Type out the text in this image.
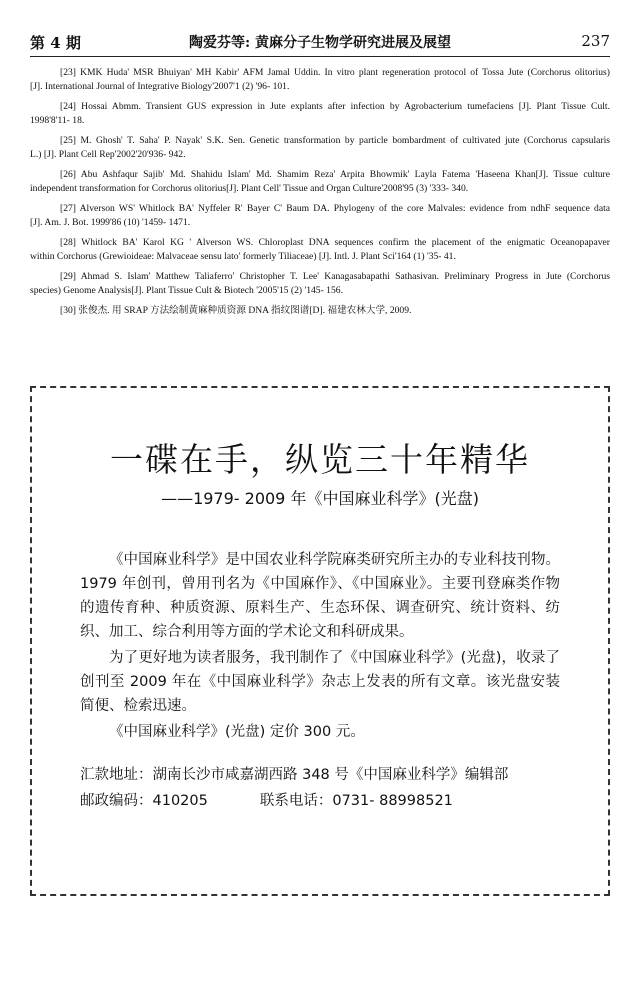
第 4 期	陶爱芬等: 黄麻分子生物学研究进展及展望	237
[23] KMK Huda' MSR Bhuiyan' MH Kabir' AFM Jamal Uddin. In vitro plant regeneration protocol of Tossa Jute (Corchorus olitorius)
[J]. International Journal of Integrative Biology'2007'1 (2) '96- 101.
[24] Hossai Abmm. Transient GUS expression in Jute explants after infection by Agrobacterium tumefaciens [J]. Plant Tissue Cult.
1998'8'11- 18.
[25] M. Ghosh' T. Saha' P. Nayak' S.K. Sen. Genetic transformation by particle bombardment of cultivated jute (Corchorus capsularis
L.) [J]. Plant Cell Rep'2002'20'936- 942.
[26] Abu Ashfaqur Sajib' Md. Shahidu Islam' Md. Shamim Reza' Arpita Bhowmik' Layla Fatema 'Haseena Khan[J]. Tissue culture
independent transformation for Corchorus olitorius[J]. Plant Cell' Tissue and Organ Culture'2008'95 (3) '333- 340.
[27] Alverson WS' Whitlock BA' Nyffeler R' Bayer C' Baum DA. Phylogeny of the core Malvales: evidence from ndhF sequence data
[J]. Am. J. Bot. 1999'86 (10) '1459- 1471.
[28] Whitlock BA' Karol KG ' Alverson WS. Chloroplast DNA sequences confirm the placement of the enigmatic Oceanopapaver
within Corchorus (Grewioideae: Malvaceae sensu lato' formerly Tiliaceae) [J]. Intl. J. Plant Sci'164 (1) '35- 41.
[29] Ahmad S. Islam' Matthew Taliaferro' Christopher T. Lee' Kanagasabapathi Sathasivan. Preliminary Progress in Jute (Corchorus
species) Genome Analysis[J]. Plant Tissue Cult & Biotech '2005'15 (2) '145- 156.
[30] 张俊杰. 用 SRAP 方法绘制黄麻种质资源 DNA 指纹图谱[D]. 福建农林大学, 2009.
一碟在手，纵览三十年精华
——1979- 2009 年《中国麻业科学》(光盘)

《中国麻业科学》是中国农业科学院麻类研究所主办的专业科技刊物。1979 年创刊，曾用刊名为《中国麻作》、《中国麻业》。主要刊登麻类作物的遗传育种、种质资源、原料生产、生态环保、调查研究、统计资料、纺织、加工、综合利用等方面的学术论文和科研成果。

为了更好地为读者服务，我刊制作了《中国麻业科学》(光盘)，收录了创刊至 2009 年在《中国麻业科学》杂志上发表的所有文章。该光盘安装简便、检索迅速。

《中国麻业科学》(光盘) 定价 300 元。

汇款地址：湖南长沙市咸嘉湖西路 348 号《中国麻业科学》编辑部

邮政编码：410205	联系电话：0731- 88998521
